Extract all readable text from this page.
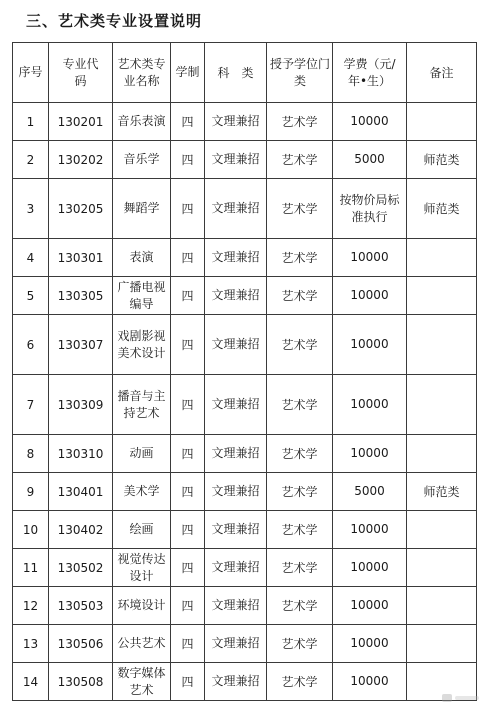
三、艺术类专业设置说明
序号	专业代码	艺术类专业名称	学制	科　类	授予学位门类	学费（元/年•生）	备注
1	130201	音乐表演	四	文理兼招	艺术学	10000	

2	130202	音乐学	四	文理兼招	艺术学	5000	师范类
3	130205	舞蹈学	四	文理兼招	艺术学	按物价局标准执行	师范类
4	130301	表演	四	文理兼招	艺术学	10000	

5	130305	广播电视编导	四	文理兼招	艺术学	10000	

6	130307	戏剧影视美术设计	四	文理兼招	艺术学	10000	

7	130309	播音与主持艺术	四	文理兼招	艺术学	10000	

8	130310	动画	四	文理兼招	艺术学	10000	

9	130401	美术学	四	文理兼招	艺术学	5000	师范类
10	130402	绘画	四	文理兼招	艺术学	10000	

11	130502	视觉传达设计	四	文理兼招	艺术学	10000	

12	130503	环境设计	四	文理兼招	艺术学	10000	

13	130506	公共艺术	四	文理兼招	艺术学	10000	

14	130508	数字媒体艺术	四	文理兼招	艺术学	10000	
